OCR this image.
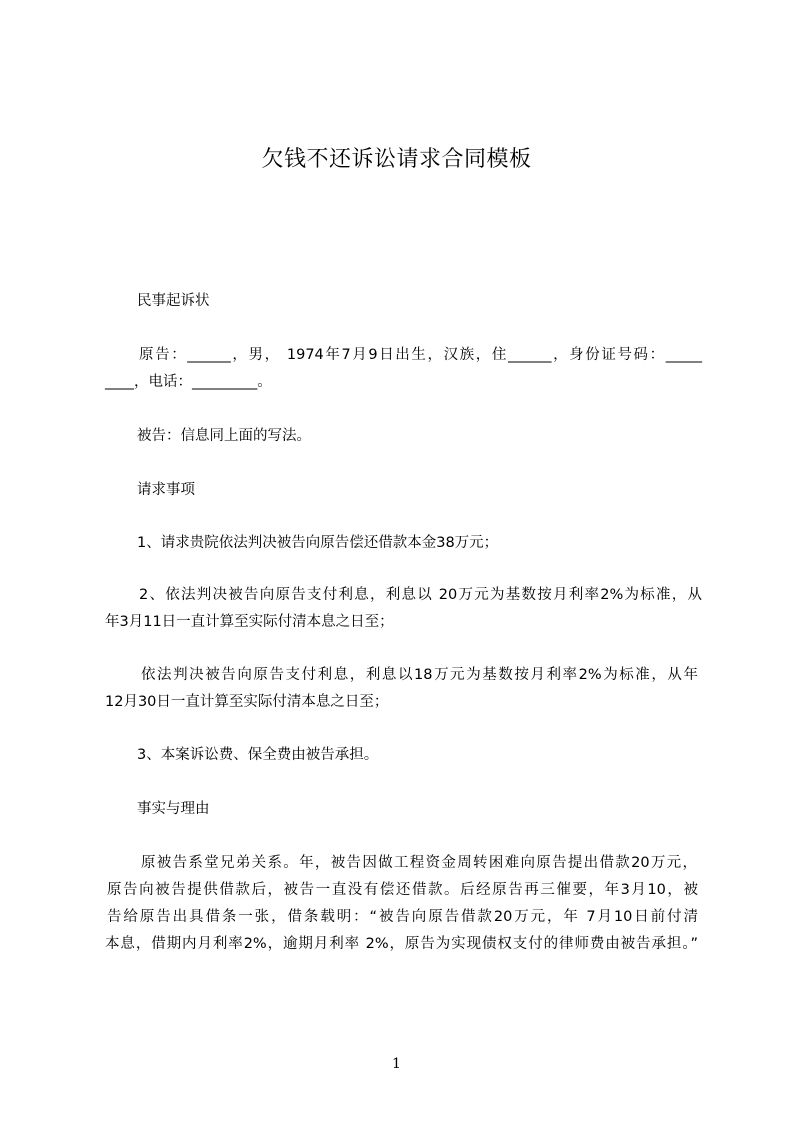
欠钱不还诉讼请求合同模板
民事起诉状
原告：______，男， 1974年7月9日出生，汉族，住______，身份证号码：_____
____，电话：_________。
被告：信息同上面的写法。
请求事项
1、请求贵院依法判决被告向原告偿还借款本金38万元；
2、依法判决被告向原告支付利息，利息以 20万元为基数按月利率2%为标准，从
年3月11日一直计算至实际付清本息之日至；
依法判决被告向原告支付利息，利息以18万元为基数按月利率2%为标准，从年
12月30日一直计算至实际付清本息之日至；
3、本案诉讼费、保全费由被告承担。
事实与理由
原被告系堂兄弟关系。年，被告因做工程资金周转困难向原告提出借款20万元，
原告向被告提供借款后，被告一直没有偿还借款。后经原告再三催要，年3月10，被
告给原告出具借条一张，借条载明：“被告向原告借款20万元，年 7月10日前付清
本息，借期内月利率2%，逾期月利率 2%，原告为实现债权支付的律师费由被告承担。”
1
